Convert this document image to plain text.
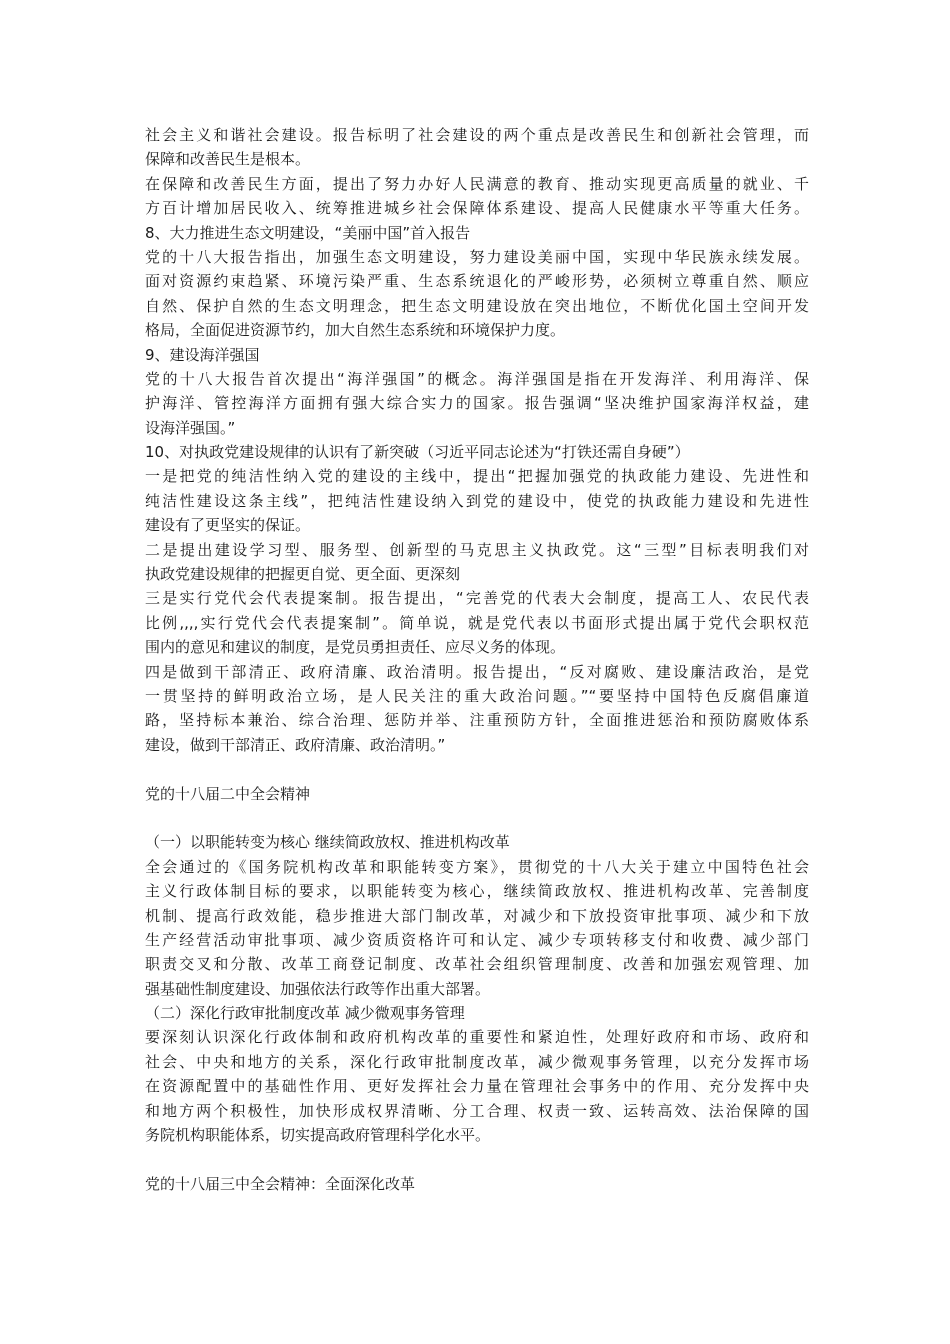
社会主义和谐社会建设。报告标明了社会建设的两个重点是改善民生和创新社会管理，而
保障和改善民生是根本。
在保障和改善民生方面，提出了努力办好人民满意的教育、推动实现更高质量的就业、千
方百计增加居民收入、统筹推进城乡社会保障体系建设、提高人民健康水平等重大任务。
8、大力推进生态文明建设，“美丽中国”首入报告
党的十八大报告指出，加强生态文明建设，努力建设美丽中国，实现中华民族永续发展。
面对资源约束趋紧、环境污染严重、生态系统退化的严峻形势，必须树立尊重自然、顺应
自然、保护自然的生态文明理念，把生态文明建设放在突出地位，不断优化国土空间开发
格局，全面促进资源节约，加大自然生态系统和环境保护力度。
9、建设海洋强国
党的十八大报告首次提出“海洋强国”的概念。海洋强国是指在开发海洋、利用海洋、保
护海洋、管控海洋方面拥有强大综合实力的国家。报告强调“坚决维护国家海洋权益，建
设海洋强国。”
10、对执政党建设规律的认识有了新突破（习近平同志论述为“打铁还需自身硬”）
一是把党的纯洁性纳入党的建设的主线中，提出“把握加强党的执政能力建设、先进性和
纯洁性建设这条主线”，把纯洁性建设纳入到党的建设中，使党的执政能力建设和先进性
建设有了更坚实的保证。
二是提出建设学习型、服务型、创新型的马克思主义执政党。这“三型”目标表明我们对
执政党建设规律的把握更自觉、更全面、更深刻
三是实行党代会代表提案制。报告提出，“完善党的代表大会制度，提高工人、农民代表
比例,,,,实行党代会代表提案制”。简单说，就是党代表以书面形式提出属于党代会职权范
围内的意见和建议的制度，是党员勇担责任、应尽义务的体现。
四是做到干部清正、政府清廉、政治清明。报告提出，“反对腐败、建设廉洁政治，是党
一贯坚持的鲜明政治立场，是人民关注的重大政治问题。”“要坚持中国特色反腐倡廉道
路，坚持标本兼治、综合治理、惩防并举、注重预防方针，全面推进惩治和预防腐败体系
建设，做到干部清正、政府清廉、政治清明。”
党的十八届二中全会精神
（一）以职能转变为核心 继续简政放权、推进机构改革
全会通过的《国务院机构改革和职能转变方案》，贯彻党的十八大关于建立中国特色社会
主义行政体制目标的要求，以职能转变为核心，继续简政放权、推进机构改革、完善制度
机制、提高行政效能，稳步推进大部门制改革，对减少和下放投资审批事项、减少和下放
生产经营活动审批事项、减少资质资格许可和认定、减少专项转移支付和收费、减少部门
职责交叉和分散、改革工商登记制度、改革社会组织管理制度、改善和加强宏观管理、加
强基础性制度建设、加强依法行政等作出重大部署。
（二）深化行政审批制度改革 减少微观事务管理
要深刻认识深化行政体制和政府机构改革的重要性和紧迫性，处理好政府和市场、政府和
社会、中央和地方的关系，深化行政审批制度改革，减少微观事务管理，以充分发挥市场
在资源配置中的基础性作用、更好发挥社会力量在管理社会事务中的作用、充分发挥中央
和地方两个积极性，加快形成权界清晰、分工合理、权责一致、运转高效、法治保障的国
务院机构职能体系，切实提高政府管理科学化水平。
党的十八届三中全会精神：全面深化改革
